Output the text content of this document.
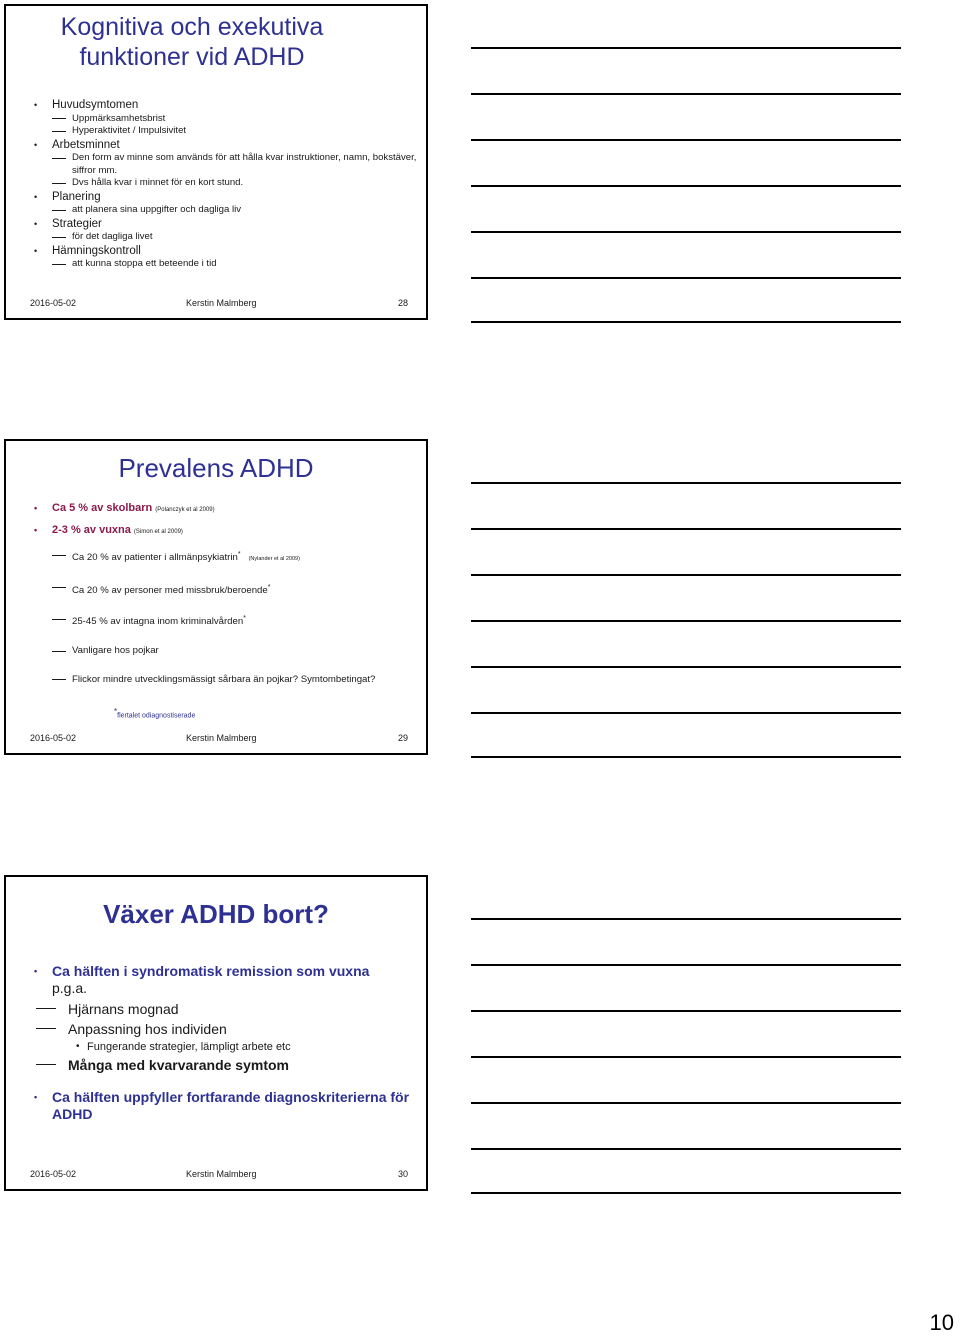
Kognitiva och exekutiva funktioner vid ADHD
• Huvudsymtomen
Uppmärksamhetsbrist
Hyperaktivitet / Impulsivitet
• Arbetsminnet
Den form av minne som används för att hålla kvar instruktioner, namn, bokstäver, siffror mm.
Dvs hålla kvar i minnet för en kort stund.
• Planering
att planera sina uppgifter och dagliga liv
• Strategier
för det dagliga livet
• Hämningskontroll
att kunna stoppa ett beteende i tid
2016-05-02	Kerstin Malmberg	28
Prevalens ADHD
• Ca 5 % av skolbarn (Polanczyk et al 2009)
• 2-3 % av vuxna (Simon et al 2009)
Ca 20 % av patienter i allmänpsykiatrin*(Nylander et al 2009)
Ca 20 % av personer med missbruk/beroende*
25-45 % av intagna inom kriminalvården*
Vanligare hos pojkar
Flickor mindre utvecklingsmässigt sårbara än pojkar? Symtombetingat?
*flertalet odiagnostiserade
2016-05-02	Kerstin Malmberg	29
Växer ADHD bort?
• Ca hälften i syndromatisk remission som vuxna
p.g.a.
Hjärnans mognad
Anpassning hos individen
• Fungerande strategier, lämpligt arbete etc
Många med kvarvarande symtom
• Ca hälften uppfyller fortfarande diagnoskriterierna för ADHD
2016-05-02	Kerstin Malmberg	30
10
